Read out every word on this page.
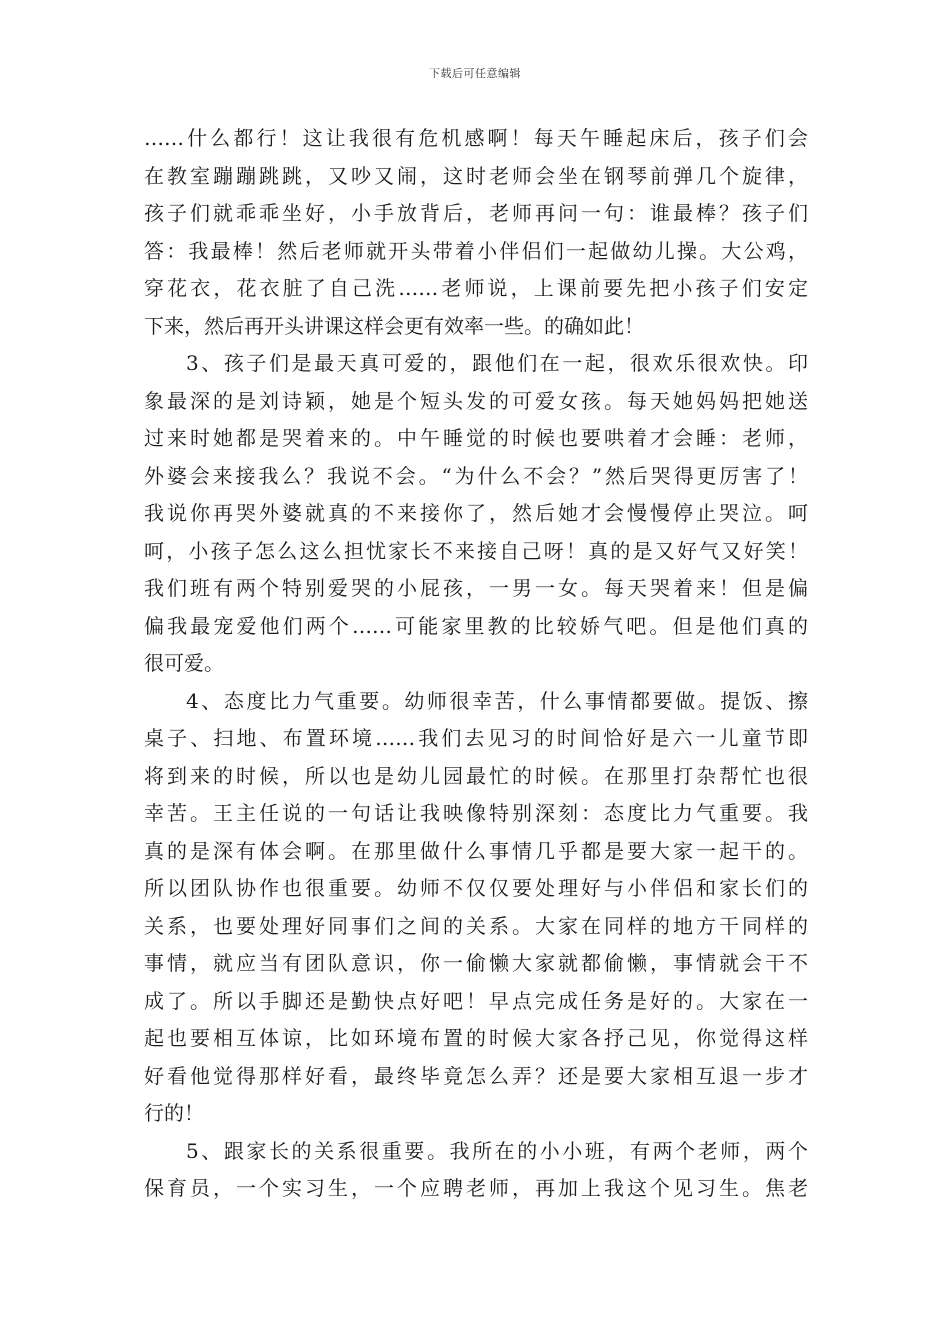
下载后可任意编辑
……什么都行！这让我很有危机感啊！每天午睡起床后，孩子们会
在教室蹦蹦跳跳，又吵又闹，这时老师会坐在钢琴前弹几个旋律，
孩子们就乖乖坐好，小手放背后，老师再问一句：谁最棒？孩子们
答：我最棒！然后老师就开头带着小伴侣们一起做幼儿操。大公鸡，
穿花衣，花衣脏了自己洗……老师说，上课前要先把小孩子们安定
下来，然后再开头讲课这样会更有效率一些。的确如此！
3、孩子们是最天真可爱的，跟他们在一起，很欢乐很欢快。印
象最深的是刘诗颖，她是个短头发的可爱女孩。每天她妈妈把她送
过来时她都是哭着来的。中午睡觉的时候也要哄着才会睡：老师，
外婆会来接我么？我说不会。“为什么不会？”然后哭得更厉害了！
我说你再哭外婆就真的不来接你了，然后她才会慢慢停止哭泣。呵
呵，小孩子怎么这么担忧家长不来接自己呀！真的是又好气又好笑！
我们班有两个特别爱哭的小屁孩，一男一女。每天哭着来！但是偏
偏我最宠爱他们两个……可能家里教的比较娇气吧。但是他们真的
很可爱。
4、态度比力气重要。幼师很幸苦，什么事情都要做。提饭、擦
桌子、扫地、布置环境……我们去见习的时间恰好是六一儿童节即
将到来的时候，所以也是幼儿园最忙的时候。在那里打杂帮忙也很
幸苦。王主任说的一句话让我映像特别深刻：态度比力气重要。我
真的是深有体会啊。在那里做什么事情几乎都是要大家一起干的。
所以团队协作也很重要。幼师不仅仅要处理好与小伴侣和家长们的
关系，也要处理好同事们之间的关系。大家在同样的地方干同样的
事情，就应当有团队意识，你一偷懒大家就都偷懒，事情就会干不
成了。所以手脚还是勤快点好吧！早点完成任务是好的。大家在一
起也要相互体谅，比如环境布置的时候大家各抒己见，你觉得这样
好看他觉得那样好看，最终毕竟怎么弄？还是要大家相互退一步才
行的！
5、跟家长的关系很重要。我所在的小小班，有两个老师，两个
保育员，一个实习生，一个应聘老师，再加上我这个见习生。焦老
